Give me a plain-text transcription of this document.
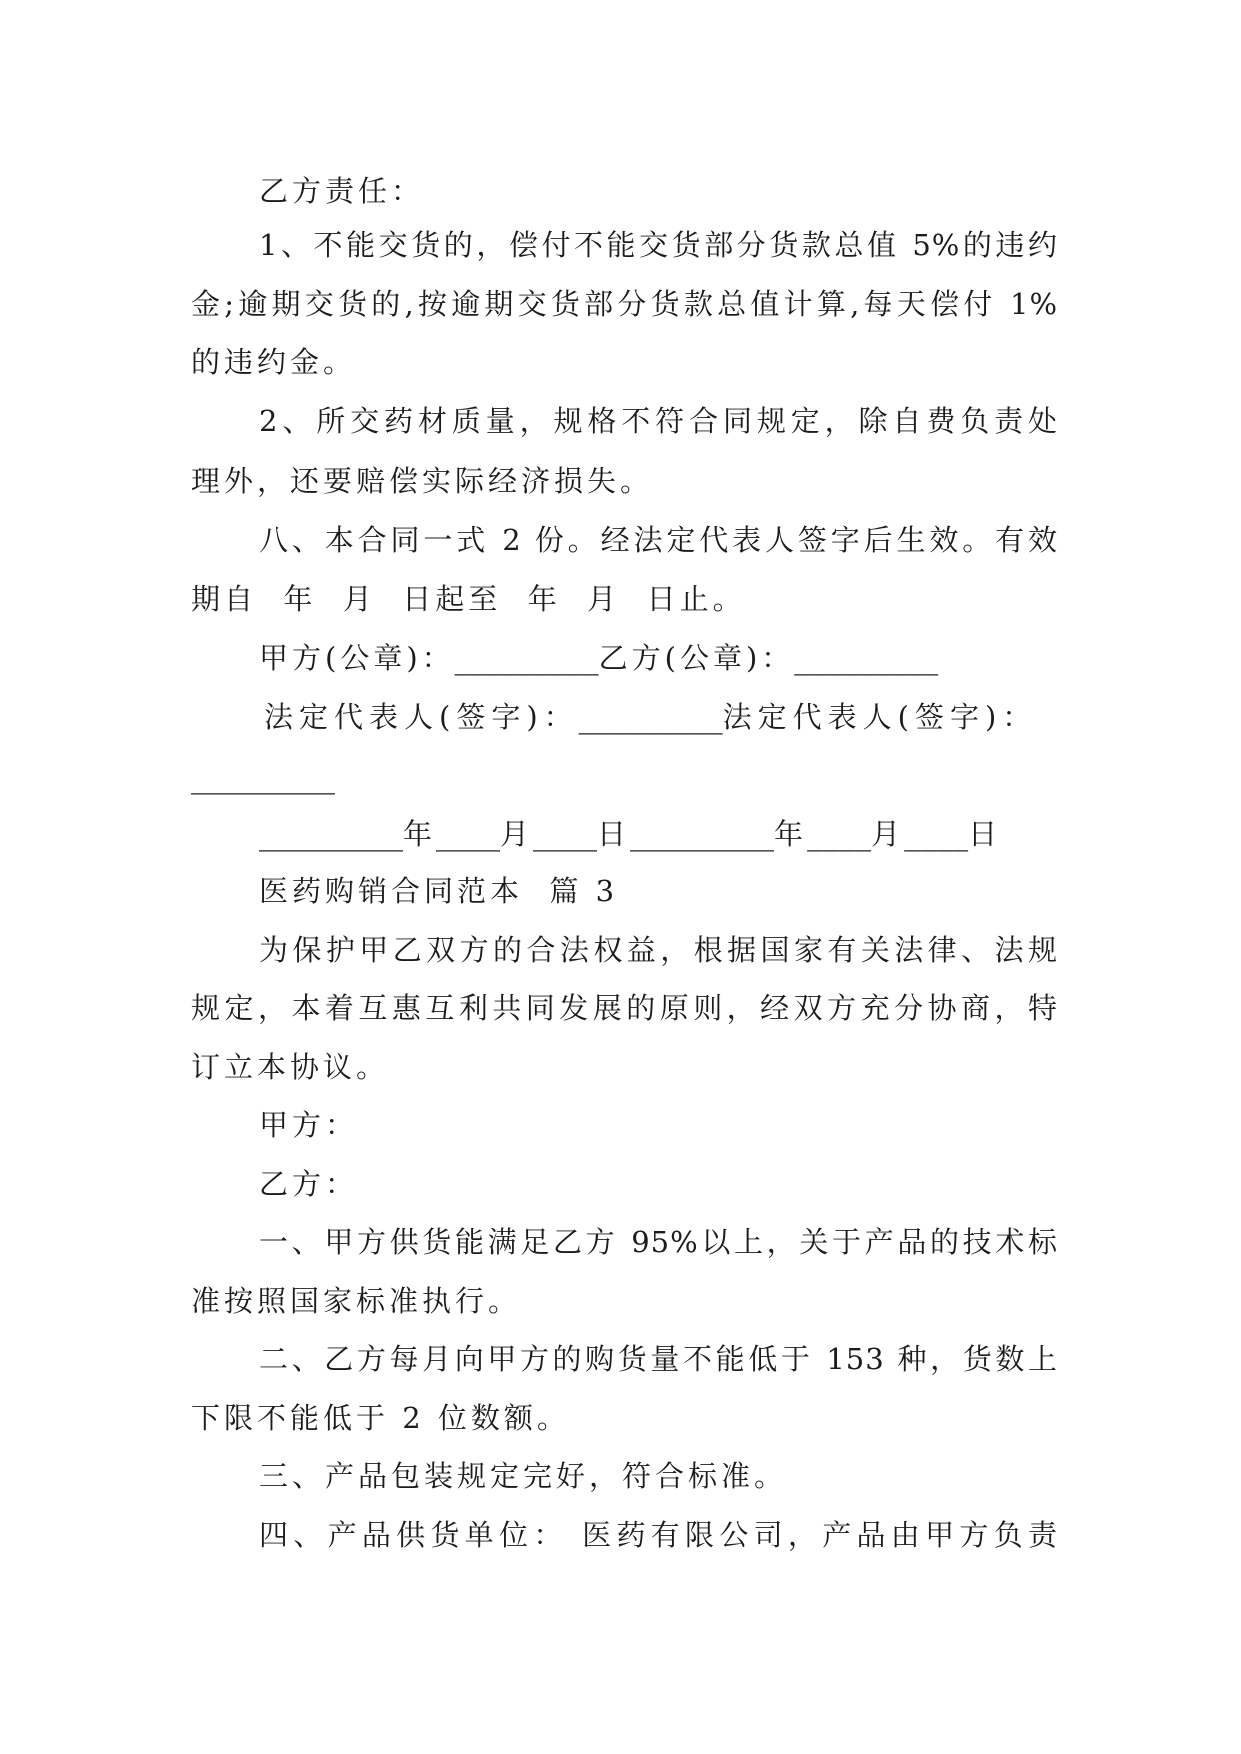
乙方责任：
1、不能交货的，偿付不能交货部分货款总值 5%的违约
金;逾期交货的,按逾期交货部分货款总值计算,每天偿付 1%
的违约金。
2、所交药材质量，规格不符合同规定，除自费负责处
理外，还要赔偿实际经济损失。
八、本合同一式 2 份。经法定代表人签字后生效。有效
期自  年  月  日起至  年  月  日止。
甲方(公章)：_________乙方(公章)：_________
法定代表人(签字)：_________法定代表人(签字)：
_________
_________年____月____日_________年____月____日
医药购销合同范本  篇 3
为保护甲乙双方的合法权益，根据国家有关法律、法规
规定，本着互惠互利共同发展的原则，经双方充分协商，特
订立本协议。
甲方：
乙方：
一、甲方供货能满足乙方 95%以上，关于产品的技术标
准按照国家标准执行。
二、乙方每月向甲方的购货量不能低于 153 种，货数上
下限不能低于 2 位数额。
三、产品包装规定完好，符合标准。
四、产品供货单位： 医药有限公司，产品由甲方负责
